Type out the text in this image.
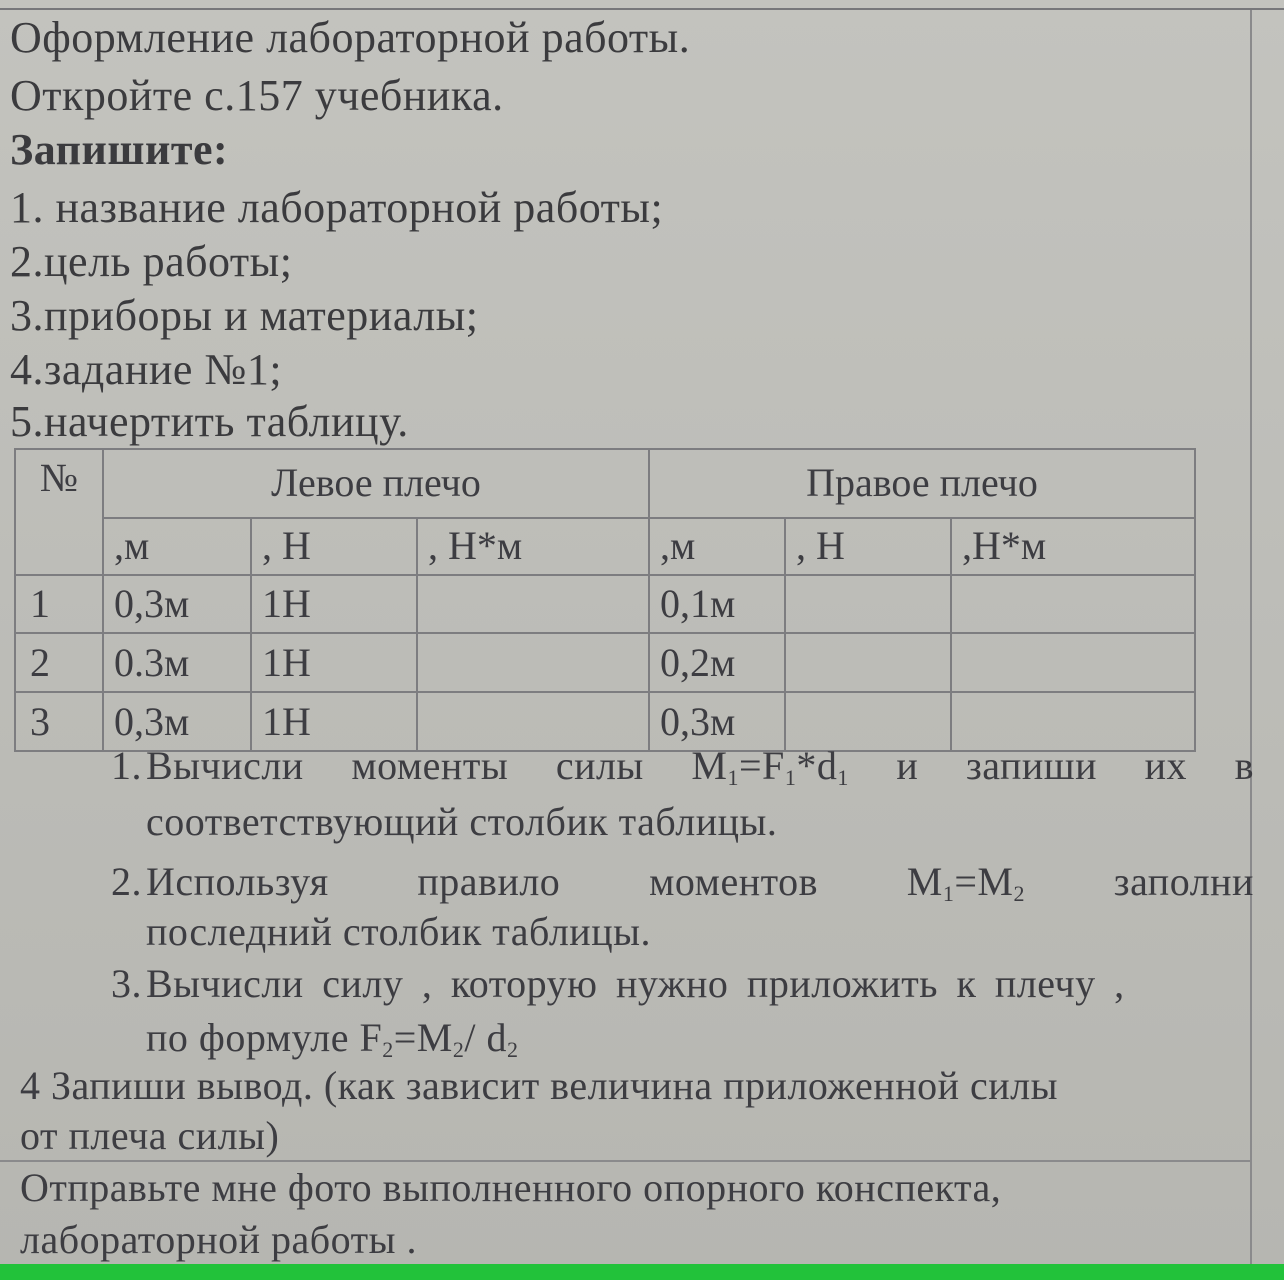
Оформление лабораторной работы.
Откройте с.157 учебника.
Запишите:
1. название лабораторной работы;
2.цель работы;
3.приборы и материалы;
4.задание №1;
5.начертить таблицу.
№	Левое плечо			Правое плечо		
	,м	, Н	, Н*м	,м	, Н	,Н*м
1	0,3м	1Н		0,1м		
2	0.3м	1Н		0,2м		
3	0,3м	1Н		0,3м		
1. Вычисли моменты силы $M_1=F_1*d_1$ и запиши их в
соответствующий столбик таблицы.
2. Используя правило моментов $M_1=M_2$ заполни
последний столбик таблицы.
3. Вычисли силу , которую нужно приложить к плечу ,
по формуле $F_2=M_2/$ $d_2$
4 Запиши вывод. (как зависит величина приложенной силы
от плеча силы)
Отправьте мне фото выполненного опорного конспекта,
лабораторной работы .
